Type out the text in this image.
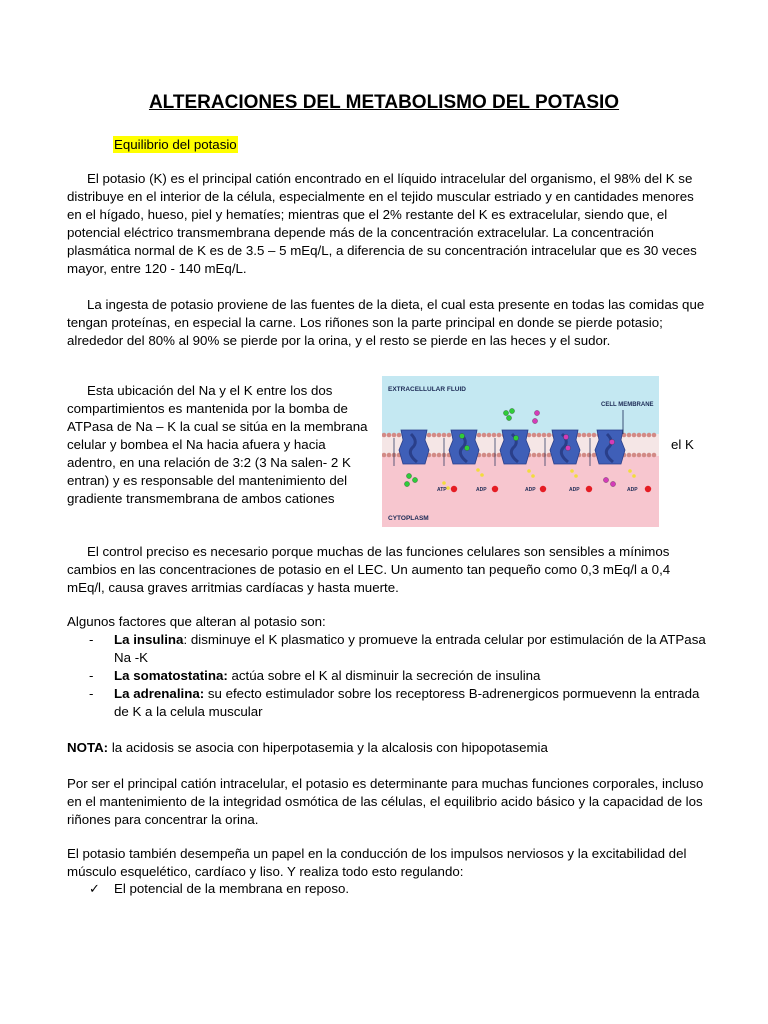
ALTERACIONES DEL METABOLISMO DEL POTASIO
Equilibrio del potasio

El potasio (K) es el principal catión encontrado en el líquido intracelular del organismo, el 98% del K se distribuye en el interior de la célula, especialmente en el tejido muscular estriado y en cantidades menores en el hígado, hueso, piel y hematíes; mientras que el 2% restante del K es extracelular, siendo que, el potencial eléctrico transmembrana depende más de la concentración extracelular. La concentración plasmática normal de K es de 3.5 – 5 mEq/L, a diferencia de su concentración intracelular que es 30 veces mayor, entre 120 - 140 mEq/L.

La ingesta de potasio proviene de las fuentes de la dieta, el cual esta presente en todas las comidas que tengan proteínas, en especial la carne. Los riñones son la parte principal en donde se pierde potasio; alrededor del 80% al 90% se pierde por la orina, y el resto se pierde en las heces y el sudor.

Esta ubicación del Na y el K entre los dos compartimientos es mantenida por la bomba de ATPasa de Na – K la cual se sitúa en la membrana celular y bombea el Na hacia afuera y hacia adentro, en una relación de 3:2 (3 Na salen- 2 K entran) y es responsable del mantenimiento del gradiente transmembrana de ambos cationes

el K
EXTRACELLULAR FLUID
CELL MEMBRANE
CYTOPLASM
ATP	ADP	ADP	ADP	ADP

El control preciso es necesario porque muchas de las funciones celulares son sensibles a mínimos cambios en las concentraciones de potasio en el LEC. Un aumento tan pequeño como 0,3 mEq/l a 0,4 mEq/l, causa graves arritmias cardíacas y hasta muerte.

Algunos factores que alteran al potasio son:

- La insulina: disminuye el K plasmatico y promueve la entrada celular por estimulación de la ATPasa Na -K
- La somatostatina: actúa sobre el K al disminuir la secreción de insulina
- La adrenalina: su efecto estimulador sobre los receptoress B-adrenergicos pormuevenn la entrada de K a la celula muscular

NOTA: la acidosis se asocia con hiperpotasemia y la alcalosis con hipopotasemia

Por ser el principal catión intracelular, el potasio es determinante para muchas funciones corporales, incluso en el mantenimiento de la integridad osmótica de las células, el equilibrio acido básico y la capacidad de los riñones para concentrar la orina.

El potasio también desempeña un papel en la conducción de los impulsos nerviosos y la excitabilidad del músculo esquelético, cardíaco y liso. Y realiza todo esto regulando:

✓ El potencial de la membrana en reposo.
